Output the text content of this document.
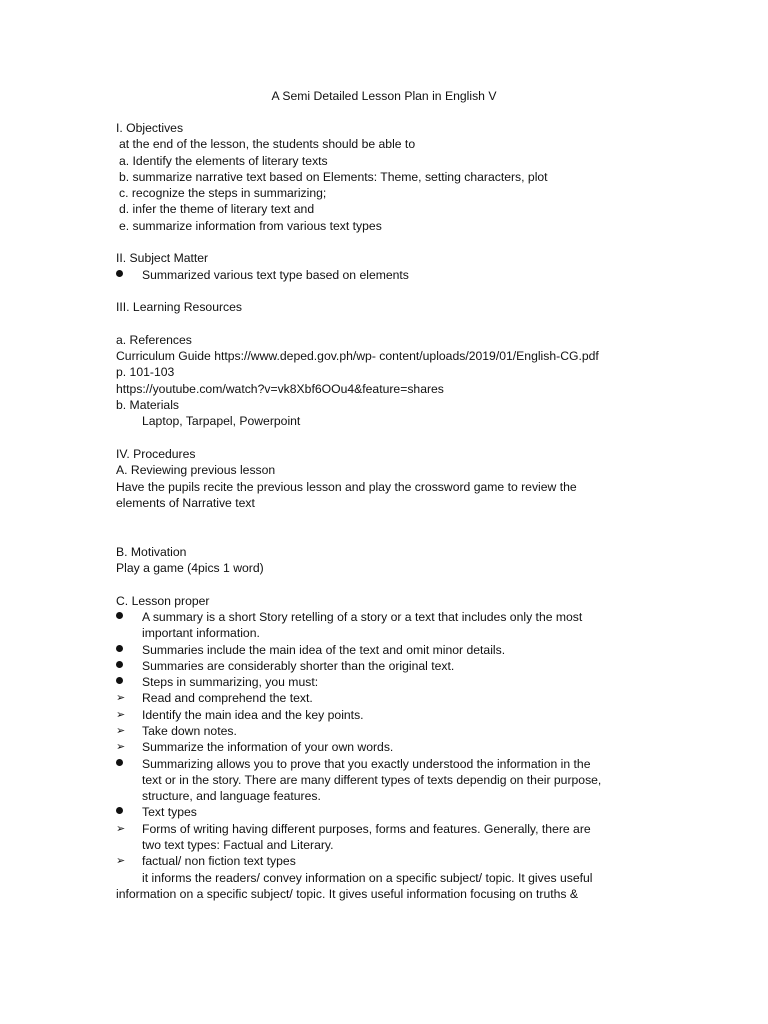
A Semi Detailed Lesson Plan in English V
I. Objectives
at the end of the lesson, the students should be able to
a. Identify the elements of literary texts
b. summarize narrative text based on Elements: Theme, setting characters, plot
c. recognize the steps in summarizing;
d. infer the theme of literary text and
e. summarize information from various text types
II. Subject Matter
Summarized various text type based on elements
III. Learning Resources
a. References
Curriculum Guide https://www.deped.gov.ph/wp- content/uploads/2019/01/English-CG.pdf
p. 101-103
https://youtube.com/watch?v=vk8Xbf6OOu4&feature=shares
b. Materials
Laptop, Tarpapel, Powerpoint
IV. Procedures
A. Reviewing previous lesson
Have the pupils recite the previous lesson and play the crossword game to review the
elements of Narrative text
B. Motivation
Play a game (4pics 1 word)
C. Lesson proper
A summary is a short Story retelling of a story or a text that includes only the most
important information.
Summaries include the main idea of the text and omit minor details.
Summaries are considerably shorter than the original text.
Steps in summarizing, you must:
➢	Read and comprehend the text.
➢	Identify the main idea and the key points.
➢	Take down notes.
➢	Summarize the information of your own words.
Summarizing allows you to prove that you exactly understood the information in the
text or in the story. There are many different types of texts dependig on their purpose,
structure, and language features.
Text types
➢	Forms of writing having different purposes, forms and features. Generally, there are
two text types: Factual and Literary.
➢	factual/ non fiction text types
it informs the readers/ convey information on a specific subject/ topic. It gives useful
information on a specific subject/ topic. It gives useful information focusing on truths &
